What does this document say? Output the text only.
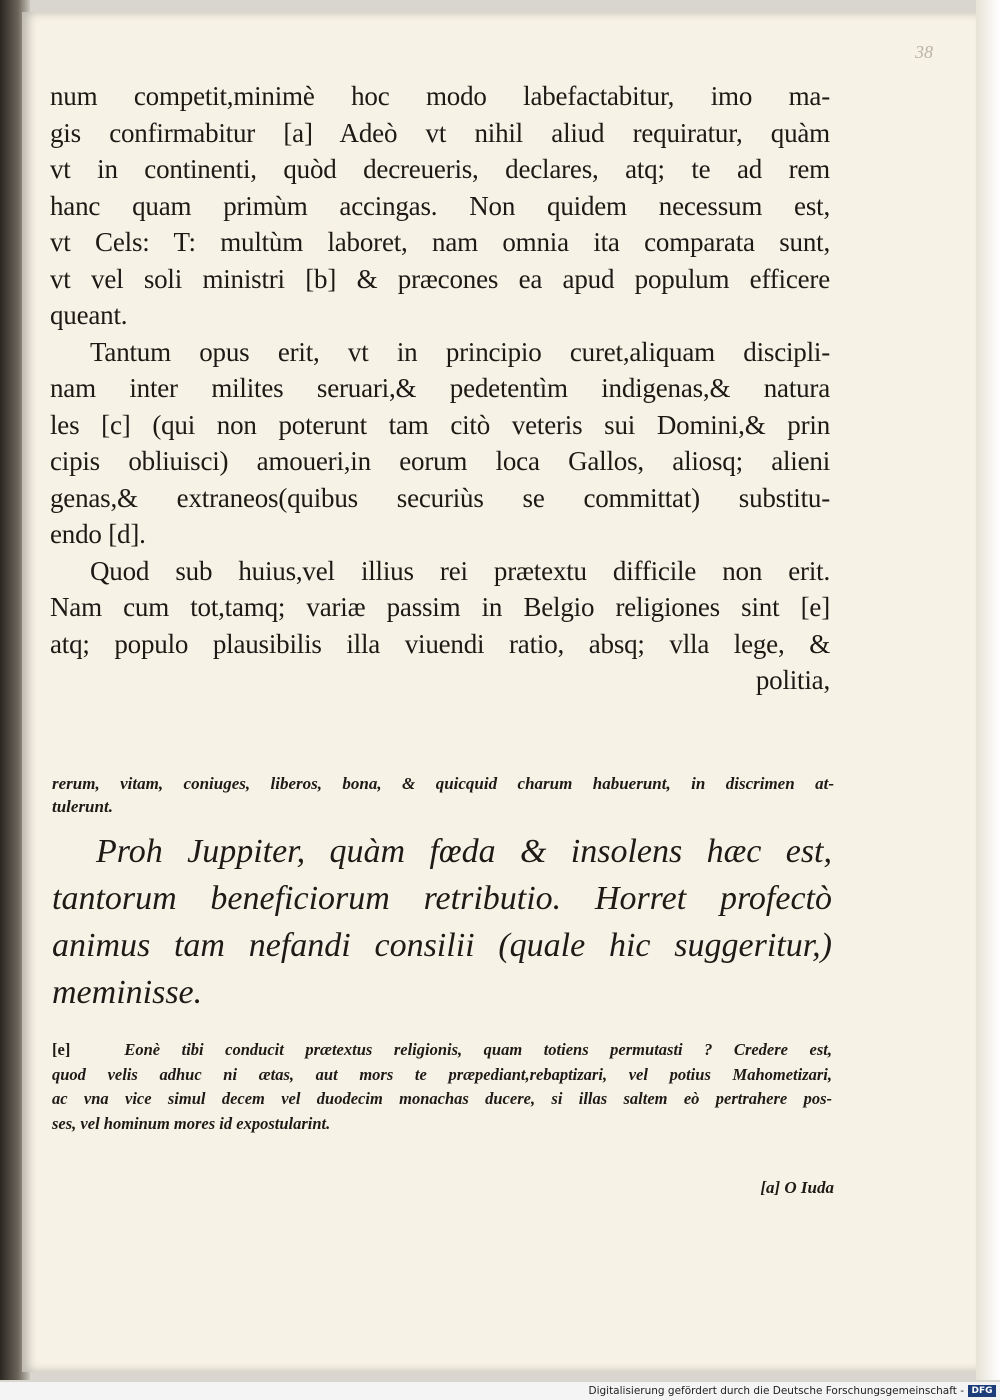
38
num competit,minimè hoc modo labefactabitur, imo ma-
gis confirmabitur [a] Adeò vt nihil aliud requiratur, quàm
vt in continenti, quòd decreueris, declares, atq; te ad rem
hanc quam primùm accingas. Non quidem necessum est,
vt Cels: T: multùm laboret, nam omnia ita comparata sunt,
vt vel soli ministri [b] & præcones ea apud populum efficere
queant.
Tantum opus erit, vt in principio curet,aliquam discipli-
nam inter milites seruari,& pedetentìm indigenas,& natura
les [c] (qui non poterunt tam citò veteris sui Domini,& prin
cipis obliuisci) amoueri,in eorum loca Gallos, aliosq; alieni
genas,& extraneos(quibus securiùs se committat) substitu-
endo [d].
Quod sub huius,vel illius rei prætextu difficile non erit.
Nam cum tot,tamq; variæ passim in Belgio religiones sint [e]
atq; populo plausibilis illa viuendi ratio, absq; vlla lege, &
politia,
rerum, vitam, coniuges, liberos, bona, & quicquid charum habuerunt, in discrimen at-
tulerunt.
Proh Juppiter, quàm fœda & insolens hæc est,
tantorum beneficiorum retributio. Horret profectò
animus tam nefandi consilii (quale hic suggeritur,)
meminisse.
[e]	Eonè tibi conducit prætextus religionis, quam totiens permutasti ? Credere est,
quod velis adhuc ni ætas, aut mors te præpediant,rebaptizari, vel potius Mahometizari,
ac vna vice simul decem vel duodecim monachas ducere, si illas saltem eò pertrahere pos-
ses, vel hominum mores id expostularint.
[a] O Iuda
Digitalisierung gefördert durch die Deutsche Forschungsgemeinschaft - DFG
